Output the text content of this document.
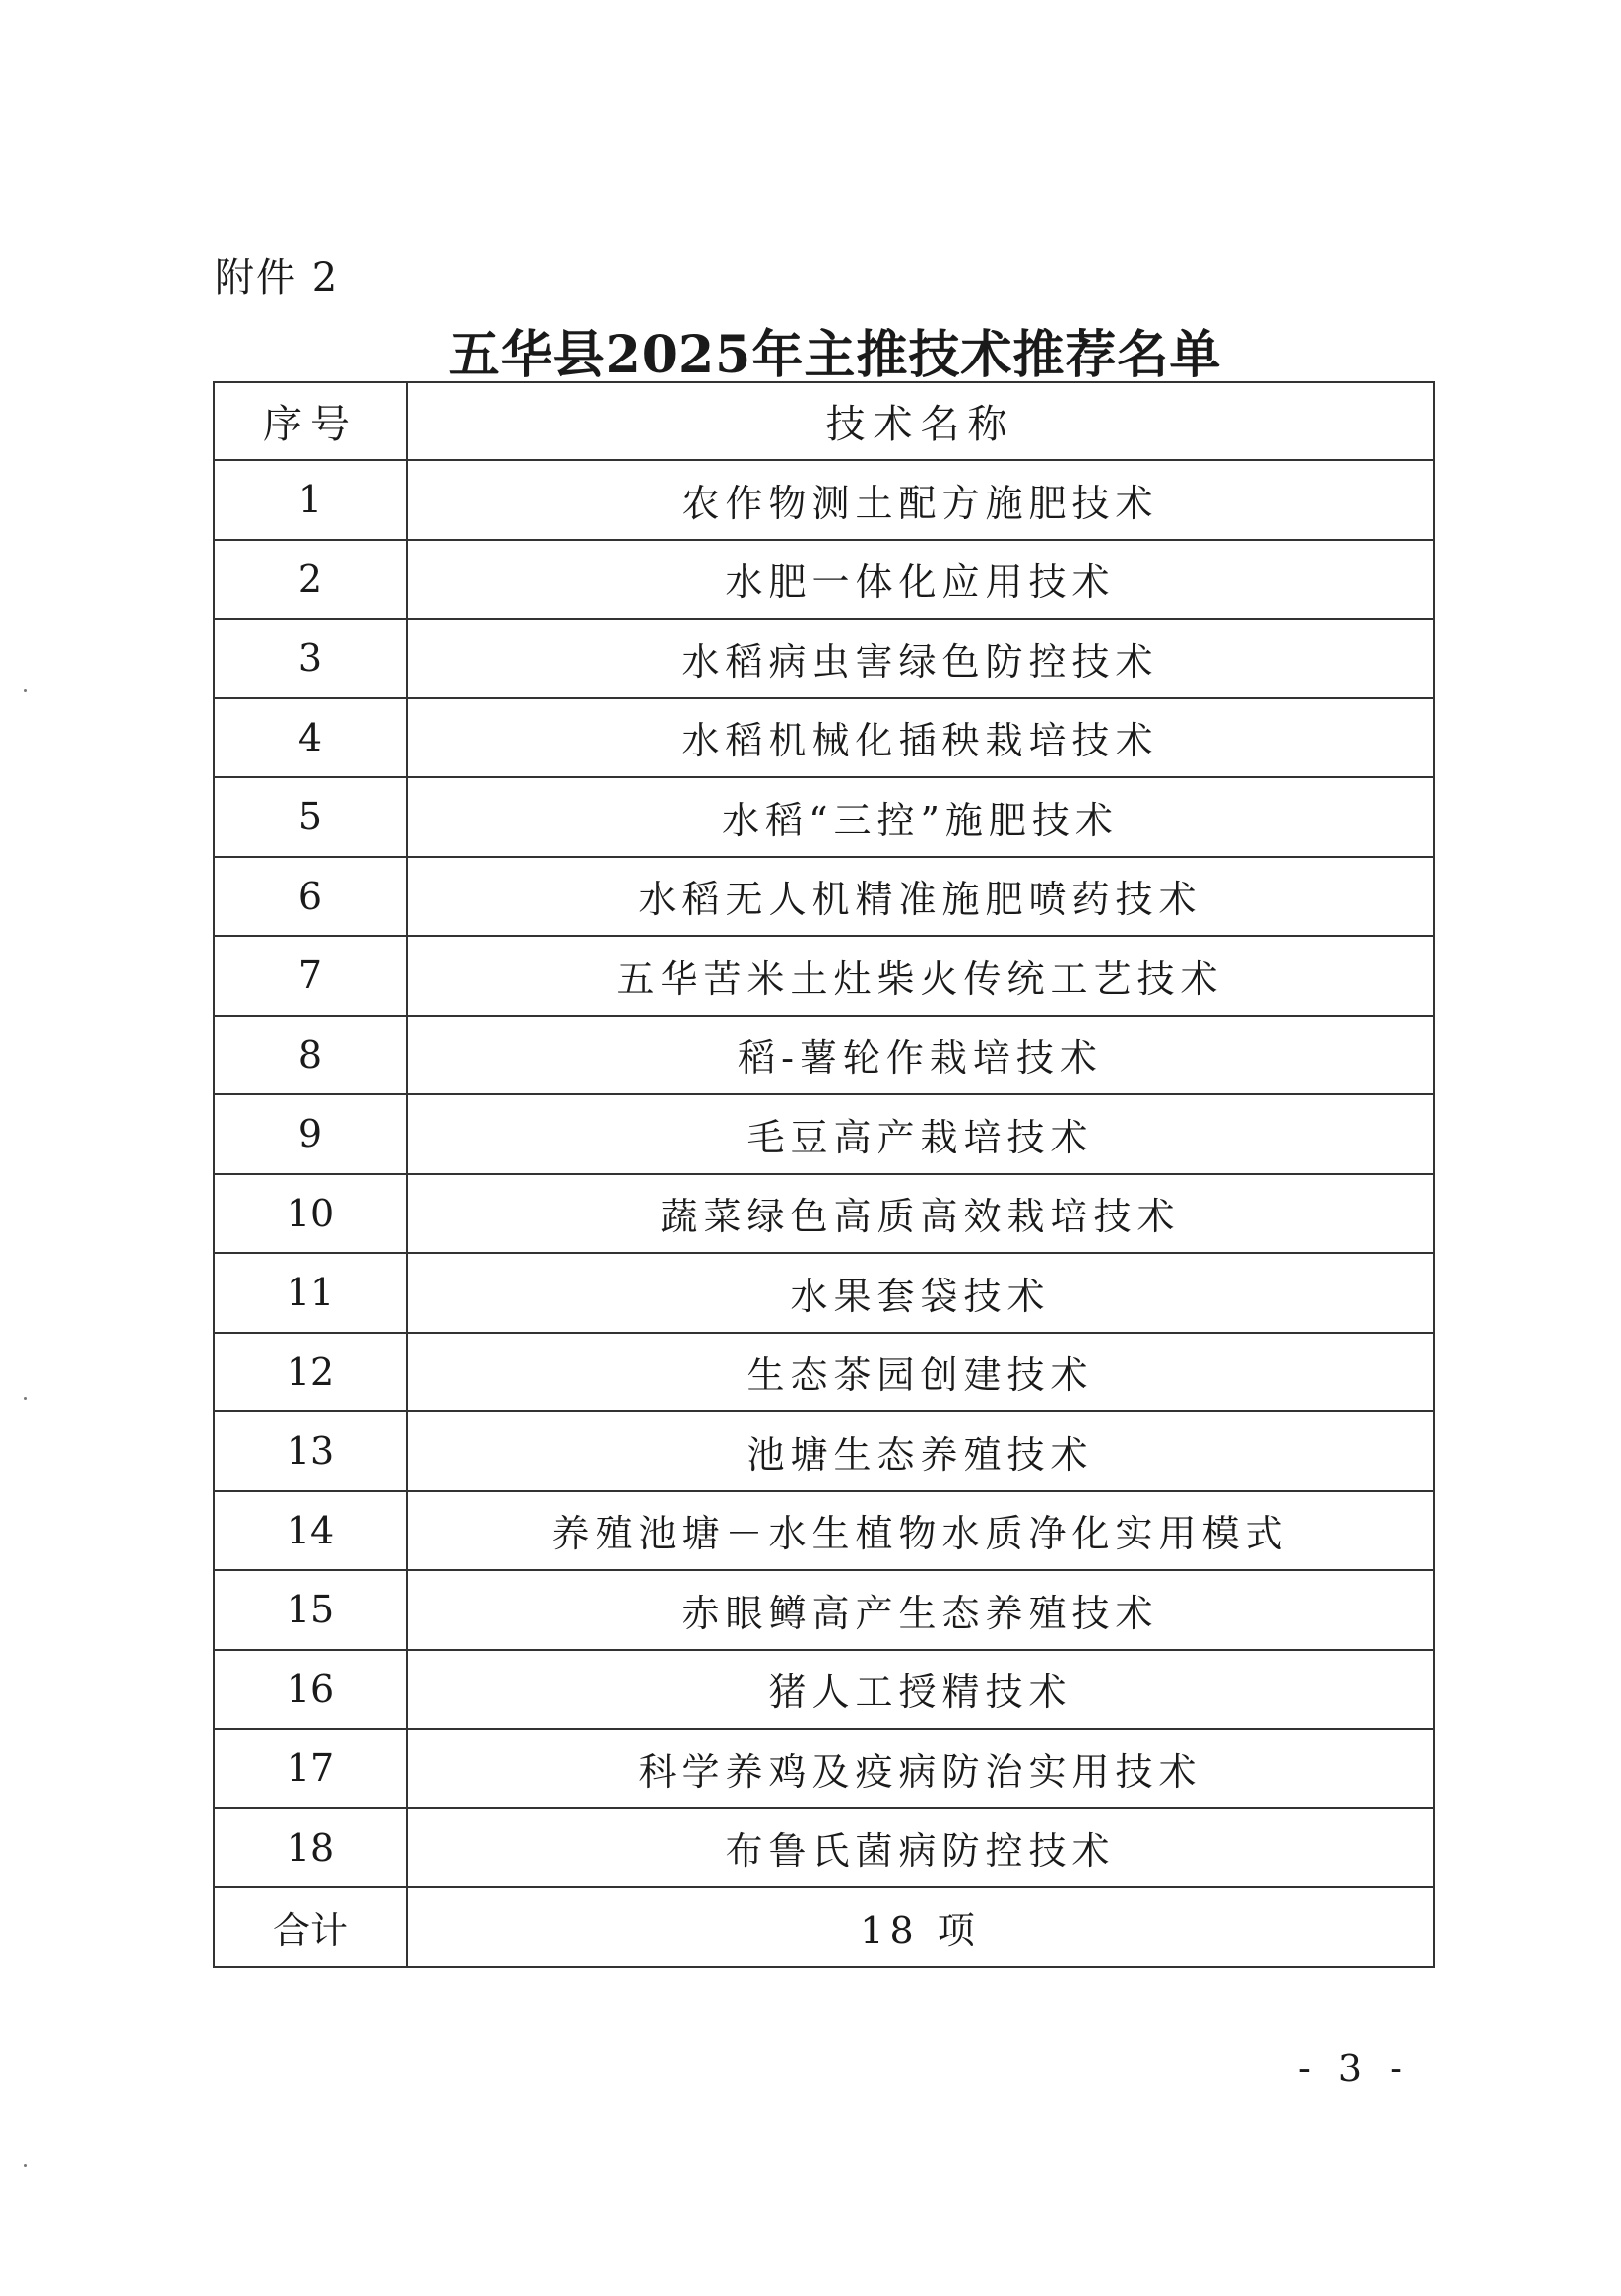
附件 2
五华县2025年主推技术推荐名单
序号	技术名称
1	农作物测土配方施肥技术
2	水肥一体化应用技术
3	水稻病虫害绿色防控技术
4	水稻机械化插秧栽培技术
5	水稻“三控”施肥技术
6	水稻无人机精准施肥喷药技术
7	五华苦米土灶柴火传统工艺技术
8	稻-薯轮作栽培技术
9	毛豆高产栽培技术
10	蔬菜绿色高质高效栽培技术
11	水果套袋技术
12	生态茶园创建技术
13	池塘生态养殖技术
14	养殖池塘－水生植物水质净化实用模式
15	赤眼鳟高产生态养殖技术
16	猪人工授精技术
17	科学养鸡及疫病防治实用技术
18	布鲁氏菌病防控技术
合计	18 项
- 3 -
